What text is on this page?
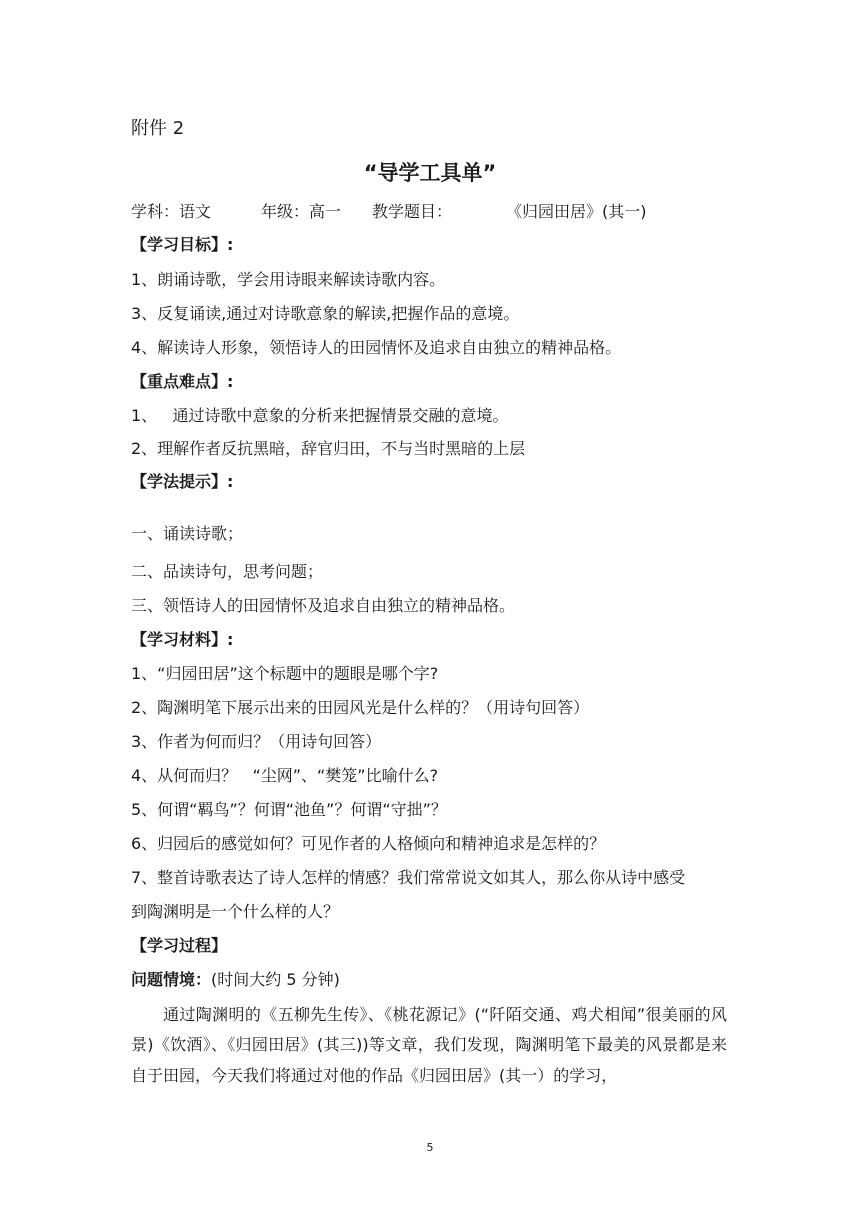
附件 2
“导学工具单”
学科：语文	年级：高一 教学题目：	《归园田居》(其一)
【学习目标】:
1、朗诵诗歌，学会用诗眼来解读诗歌内容。
3、反复诵读,通过对诗歌意象的解读,把握作品的意境。
4、解读诗人形象，领悟诗人的田园情怀及追求自由独立的精神品格。
【重点难点】:
1、   通过诗歌中意象的分析来把握情景交融的意境。
2、理解作者反抗黑暗，辞官归田，不与当时黑暗的上层
【学法提示】:
一、诵读诗歌；
二、品读诗句，思考问题；
三、领悟诗人的田园情怀及追求自由独立的精神品格。
【学习材料】:
1、“归园田居”这个标题中的题眼是哪个字?
2、陶渊明笔下展示出来的田园风光是什么样的？（用诗句回答）
3、作者为何而归？（用诗句回答）
4、从何而归？   “尘网”、“樊笼”比喻什么?
5、何谓“羁鸟”？何谓“池鱼”？何谓“守拙”？
6、归园后的感觉如何？可见作者的人格倾向和精神追求是怎样的？
7、整首诗歌表达了诗人怎样的情感？我们常常说文如其人，那么你从诗中感受
到陶渊明是一个什么样的人？
【学习过程】
问题情境：(时间大约 5 分钟)
通过陶渊明的《五柳先生传》、《桃花源记》(“阡陌交通、鸡犬相闻”很美丽的风景)《饮酒》、《归园田居》(其三))等文章，我们发现，陶渊明笔下最美的风景都是来自于田园，今天我们将通过对他的作品《归园田居》(其一）的学习，
5
